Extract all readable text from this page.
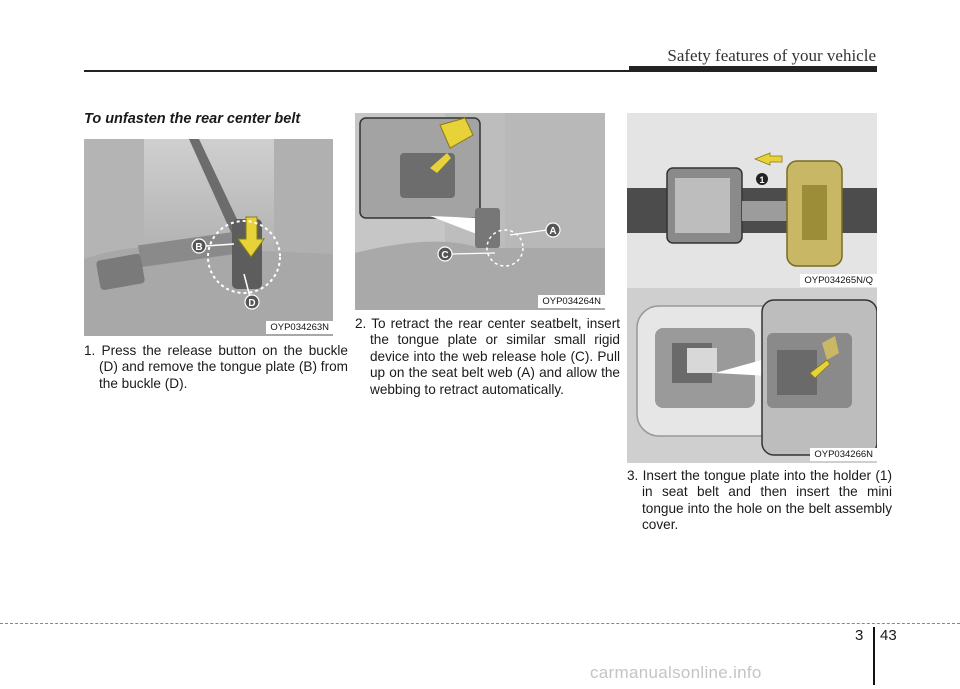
Safety features of your vehicle
To unfasten the rear center belt
B
D
OYP034263N
A
C
OYP034264N
1
OYP034265N/Q
OYP034266N
1. Press the release button on the buckle (D) and remove the tongue plate (B) from the buckle (D).
2. To retract the rear center seatbelt, insert the tongue plate or similar small rigid device into the web release hole (C). Pull up on the seat belt web (A) and allow the webbing to retract automatically.
3. Insert the tongue plate into the holder (1) in seat belt and then insert the mini tongue into the hole on the belt assembly cover.
3 43
carmanualsonline.info
